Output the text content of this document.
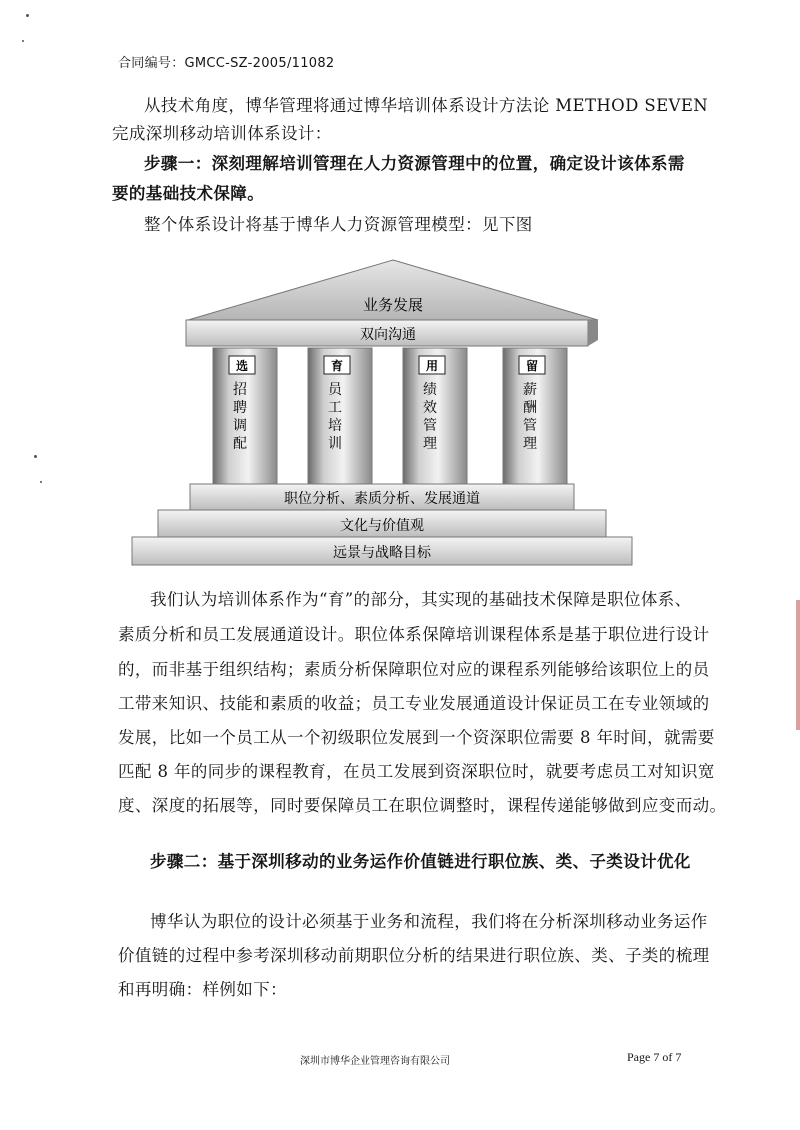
合同编号：GMCC-SZ-2005/11082
从技术角度，博华管理将通过博华培训体系设计方法论 METHOD SEVEN
完成深圳移动培训体系设计：
步骤一：深刻理解培训管理在人力资源管理中的位置，确定设计该体系需
要的基础技术保障。
整个体系设计将基于博华人力资源管理模型：见下图
业务发展
双向沟通
选
招
聘
调
配
育
员
工
培
训
用
绩
效
管
理
留
薪
酬
管
理
职位分析、素质分析、发展通道
文化与价值观
远景与战略目标
我们认为培训体系作为“育”的部分，其实现的基础技术保障是职位体系、
素质分析和员工发展通道设计。职位体系保障培训课程体系是基于职位进行设计
的，而非基于组织结构；素质分析保障职位对应的课程系列能够给该职位上的员
工带来知识、技能和素质的收益；员工专业发展通道设计保证员工在专业领域的
发展，比如一个员工从一个初级职位发展到一个资深职位需要 8 年时间，就需要
匹配 8 年的同步的课程教育，在员工发展到资深职位时，就要考虑员工对知识宽
度、深度的拓展等，同时要保障员工在职位调整时，课程传递能够做到应变而动。
步骤二：基于深圳移动的业务运作价值链进行职位族、类、子类设计优化
博华认为职位的设计必须基于业务和流程，我们将在分析深圳移动业务运作
价值链的过程中参考深圳移动前期职位分析的结果进行职位族、类、子类的梳理
和再明确：样例如下：
深圳市博华企业管理咨询有限公司	Page 7 of 7
